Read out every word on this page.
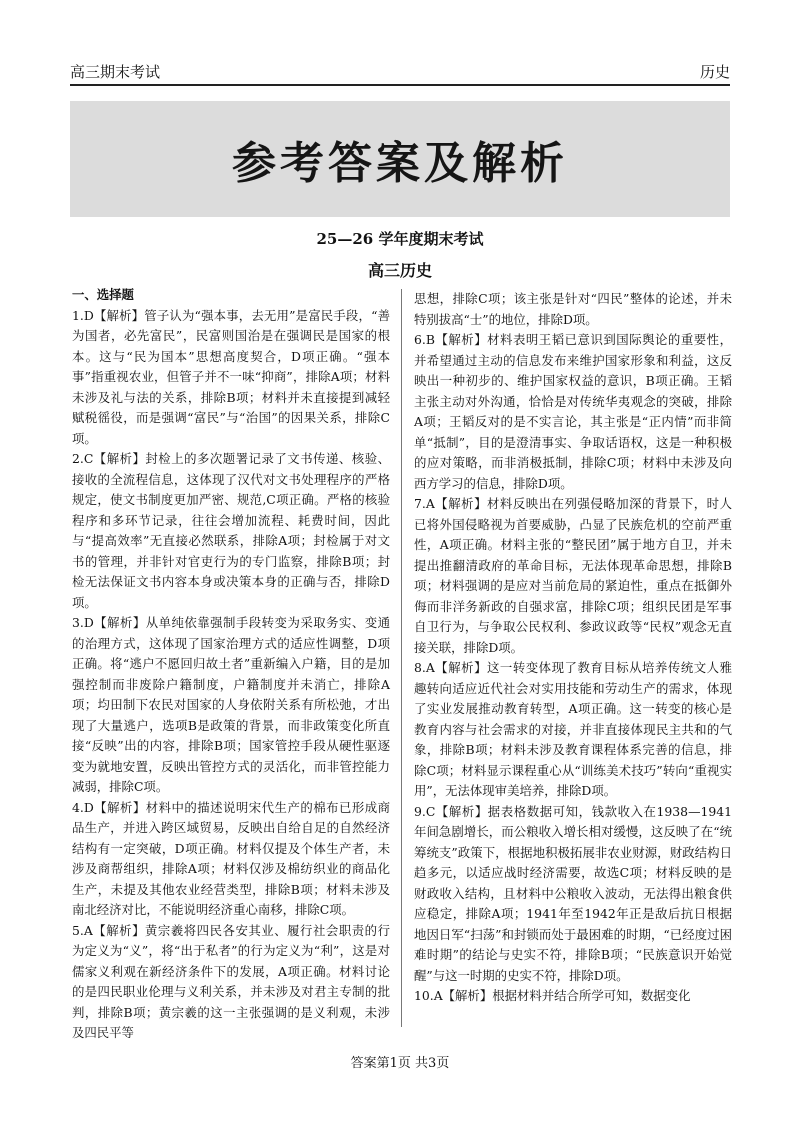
高三期末考试	历史
参考答案及解析
25—26 学年度期末考试
高三历史

一、选择题

1.D【解析】管子认为“强本事，去无用”是富民手段，“善为国者，必先富民”，民富则国治是在强调民是国家的根本。这与“民为国本”思想高度契合，D项正确。“强本事”指重视农业，但管子并不一味“抑商”，排除A项；材料未涉及礼与法的关系，排除B项；材料并未直接提到减轻赋税徭役，而是强调“富民”与“治国”的因果关系，排除C项。

2.C【解析】封检上的多次题署记录了文书传递、核验、接收的全流程信息，这体现了汉代对文书处理程序的严格规定，使文书制度更加严密、规范,C项正确。严格的核验程序和多环节记录，往往会增加流程、耗费时间，因此与“提高效率”无直接必然联系，排除A项；封检属于对文书的管理，并非针对官吏行为的专门监察，排除B项；封检无法保证文书内容本身或决策本身的正确与否，排除D项。

3.D【解析】从单纯依靠强制手段转变为采取务实、变通的治理方式，这体现了国家治理方式的适应性调整，D项正确。将“逃户不愿回归故土者”重新编入户籍，目的是加强控制而非废除户籍制度，户籍制度并未消亡，排除A项；均田制下农民对国家的人身依附关系有所松弛，才出现了大量逃户，选项B是政策的背景，而非政策变化所直接“反映”出的内容，排除B项；国家管控手段从硬性驱逐变为就地安置，反映出管控方式的灵活化，而非管控能力减弱，排除C项。

4.D【解析】材料中的描述说明宋代生产的棉布已形成商品生产，并进入跨区域贸易，反映出自给自足的自然经济结构有一定突破，D项正确。材料仅提及个体生产者，未涉及商帮组织，排除A项；材料仅涉及棉纺织业的商品化生产，未提及其他农业经营类型，排除B项；材料未涉及南北经济对比，不能说明经济重心南移，排除C项。

5.A【解析】黄宗羲将四民各安其业、履行社会职责的行为定义为“义”，将“出于私者”的行为定义为“利”，这是对儒家义利观在新经济条件下的发展，A项正确。材料讨论的是四民职业伦理与义利关系，并未涉及对君主专制的批判，排除B项；黄宗羲的这一主张强调的是义利观，未涉及四民平等

思想，排除C项；该主张是针对“四民”整体的论述，并未特别拔高“士”的地位，排除D项。

6.B【解析】材料表明王韬已意识到国际舆论的重要性，并希望通过主动的信息发布来维护国家形象和利益，这反映出一种初步的、维护国家权益的意识，B项正确。王韬主张主动对外沟通，恰恰是对传统华夷观念的突破，排除A项；王韬反对的是不实言论，其主张是“正内情”而非简单“抵制”，目的是澄清事实、争取话语权，这是一种积极的应对策略，而非消极抵制，排除C项；材料中未涉及向西方学习的信息，排除D项。

7.A【解析】材料反映出在列强侵略加深的背景下，时人已将外国侵略视为首要威胁，凸显了民族危机的空前严重性，A项正确。材料主张的“整民团”属于地方自卫，并未提出推翻清政府的革命目标，无法体现革命思想，排除B项；材料强调的是应对当前危局的紧迫性，重点在抵御外侮而非洋务新政的自强求富，排除C项；组织民团是军事自卫行为，与争取公民权利、参政议政等“民权”观念无直接关联，排除D项。

8.A【解析】这一转变体现了教育目标从培养传统文人雅趣转向适应近代社会对实用技能和劳动生产的需求，体现了实业发展推动教育转型，A项正确。这一转变的核心是教育内容与社会需求的对接，并非直接体现民主共和的气象，排除B项；材料未涉及教育课程体系完善的信息，排除C项；材料显示课程重心从“训练美术技巧”转向“重视实用”，无法体现审美培养，排除D项。

9.C【解析】据表格数据可知，钱款收入在1938—1941年间急剧增长，而公粮收入增长相对缓慢，这反映了在“统筹统支”政策下，根据地积极拓展非农业财源，财政结构日趋多元，以适应战时经济需要，故选C项；材料反映的是财政收入结构，且材料中公粮收入波动，无法得出粮食供应稳定，排除A项；1941年至1942年正是敌后抗日根据地因日军“扫荡”和封锁而处于最困难的时期，“已经度过困难时期”的结论与史实不符，排除B项；“民族意识开始觉醒”与这一时期的史实不符，排除D项。

10.A【解析】根据材料并结合所学可知，数据变化

答案第1页 共3页
